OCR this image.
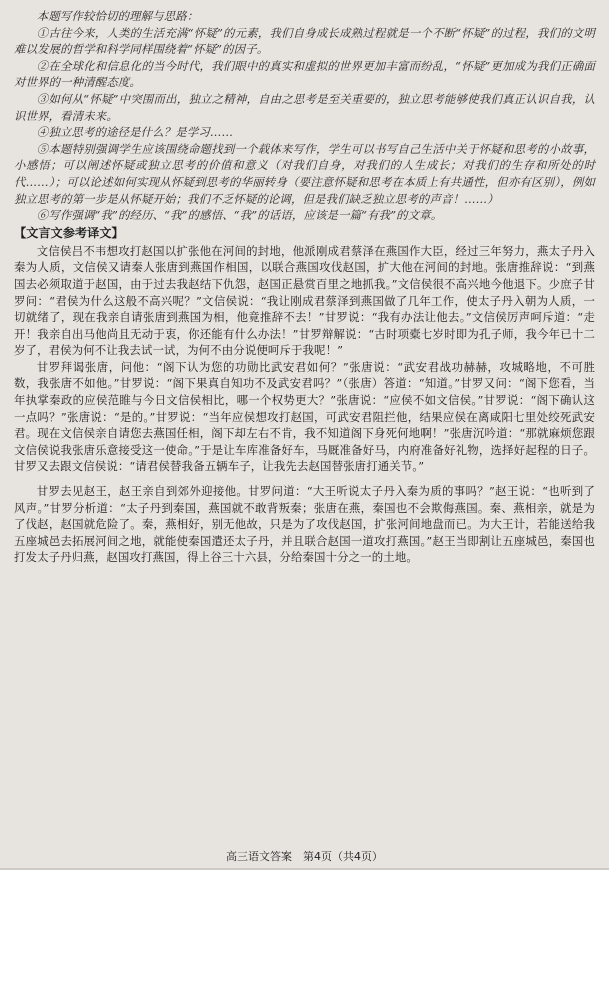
本题写作较恰切的理解与思路：

①古往今来，人类的生活充满“怀疑”的元素，我们自身成长成熟过程就是一个不断“怀疑”的过程，我们的文明难以发展的哲学和科学同样围绕着“怀疑”的因子。

②在全球化和信息化的当今时代，我们眼中的真实和虚拟的世界更加丰富而纷乱，“怀疑”更加成为我们正确面对世界的一种清醒态度。

③如何从“怀疑”中突围而出，独立之精神，自由之思考是至关重要的，独立思考能够使我们真正认识自我，认识世界，看清未来。

④独立思考的途径是什么？是学习……

⑤本题特别强调学生应该围绕命题找到一个载体来写作，学生可以书写自己生活中关于怀疑和思考的小故事，小感悟；可以阐述怀疑或独立思考的价值和意义（对我们自身，对我们的人生成长；对我们的生存和所处的时代……）；可以论述如何实现从怀疑到思考的华丽转身（要注意怀疑和思考在本质上有共通性，但亦有区别），例如独立思考的第一步是从怀疑开始；我们不乏怀疑的论调，但是我们缺乏独立思考的声音！……）

⑥写作强调“我”的经历、“我”的感悟、“我”的话语，应该是一篇“有我”的文章。

【文言文参考译文】

文信侯吕不韦想攻打赵国以扩张他在河间的封地，他派刚成君蔡泽在燕国作大臣，经过三年努力，燕太子丹入秦为人质，文信侯又请秦人张唐到燕国作相国，以联合燕国攻伐赵国，扩大他在河间的封地。张唐推辞说：“到燕国去必须取道于赵国，由于过去我赵结下仇怨，赵国正悬赏百里之地抓我。”文信侯很不高兴地今他退下。少庶子甘罗问：“君侯为什么这般不高兴呢？”文信侯说：“我让刚成君蔡泽到燕国做了几年工作，使太子丹入朝为人质，一切就绪了，现在我亲自请张唐到燕国为相，他竟推辞不去！”甘罗说：“我有办法让他去。”文信侯厉声呵斥道：“走开！我亲自出马他尚且无动于衷，你还能有什么办法！”甘罗辩解说：“古时项橐七岁时即为孔子师，我今年已十二岁了，君侯为何不让我去试一试，为何不由分说便呵斥于我呢！”

甘罗拜谒张唐，问他：“阁下认为您的功勋比武安君如何？”张唐说：“武安君战功赫赫，攻城略地，不可胜数，我张唐不如他。”甘罗说：“阁下果真自知功不及武安君吗？”（张唐）答道：“知道。”甘罗又问：“阁下您看，当年执掌秦政的应侯范睢与今日文信侯相比，哪一个权势更大？”张唐说：“应侯不如文信侯。”甘罗说：“阁下确认这一点吗？”张唐说：“是的。”甘罗说：“当年应侯想攻打赵国，可武安君阻拦他，结果应侯在离咸阳七里处绞死武安君。现在文信侯亲自请您去燕国任相，阁下却左右不肯，我不知道阁下身死何地啊！”张唐沉吟道：“那就麻烦您跟文信侯说我张唐乐意接受这一使命。”于是让车库准备好车，马厩准备好马，内府准备好礼物，选择好起程的日子。甘罗又去跟文信侯说：“请君侯替我备五辆车子，让我先去赵国替张唐打通关节。”

甘罗去见赵王，赵王亲自到郊外迎接他。甘罗问道：“大王听说太子丹入秦为质的事吗？”赵王说：“也听到了风声。”甘罗分析道：“太子丹到秦国，燕国就不敢背叛秦；张唐在燕，秦国也不会欺侮燕国。秦、燕相亲，就是为了伐赵，赵国就危险了。秦，燕相好，别无他故，只是为了攻伐赵国，扩张河间地盘而已。为大王计，若能送给我五座城邑去拓展河间之地，就能使秦国遣还太子丹，并且联合赵国一道攻打燕国。”赵王当即割让五座城邑，秦国也打发太子丹归燕，赵国攻打燕国，得上谷三十六县，分给秦国十分之一的土地。

高三语文答案　第4页（共4页）
